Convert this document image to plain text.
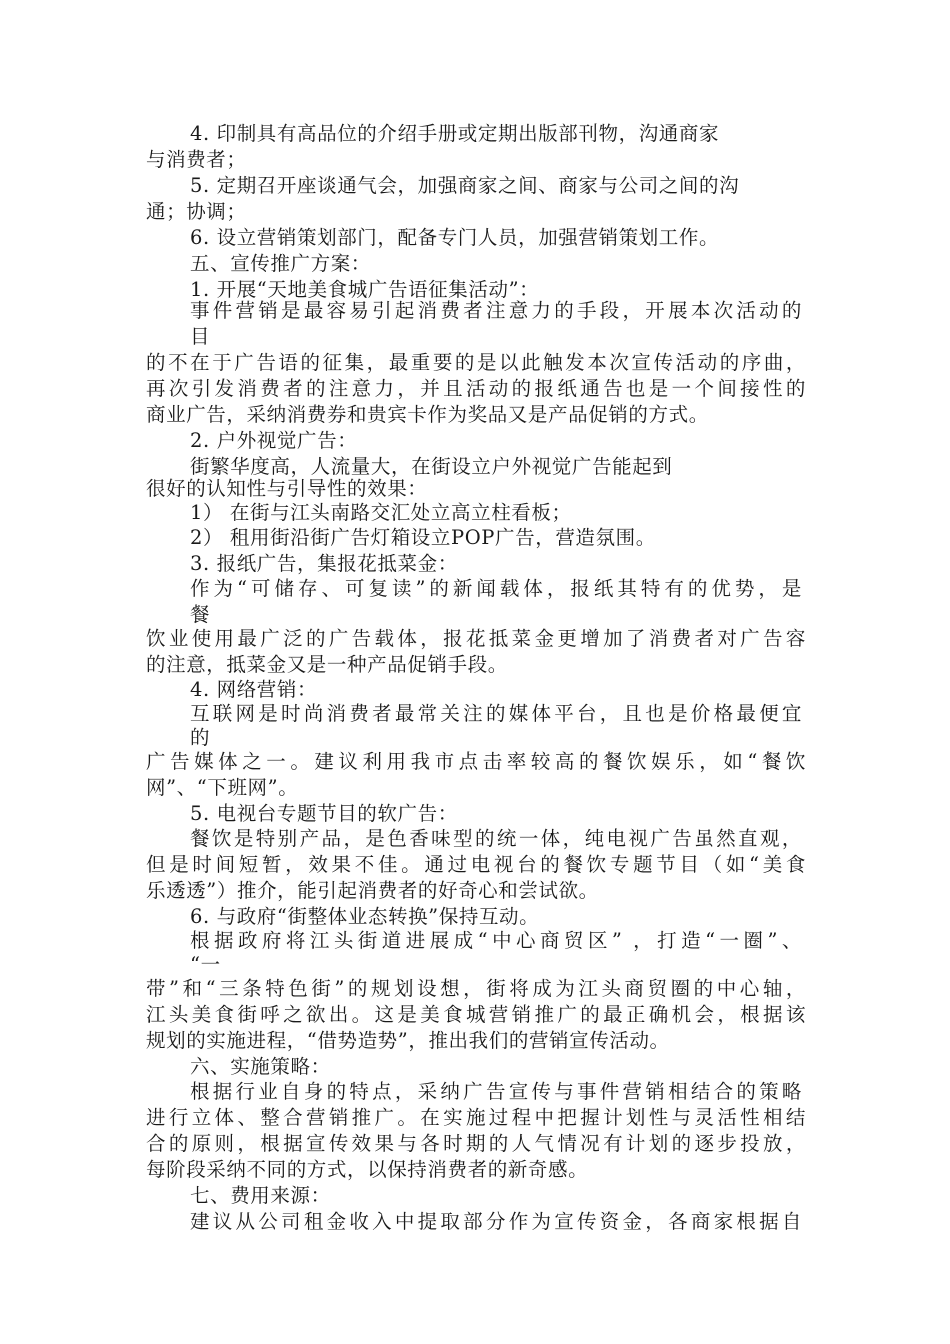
4. 印制具有高品位的介绍手册或定期出版部刊物，沟通商家
与消费者；
5. 定期召开座谈通气会，加强商家之间、商家与公司之间的沟
通；协调；
6. 设立营销策划部门，配备专门人员，加强营销策划工作。
五、宣传推广方案：
1. 开展“天地美食城广告语征集活动”：
事件营销是最容易引起消费者注意力的手段，开展本次活动的
目
的不在于广告语的征集，最重要的是以此触发本次宣传活动的序曲，
再次引发消费者的注意力，并且活动的报纸通告也是一个间接性的
商业广告，采纳消费券和贵宾卡作为奖品又是产品促销的方式。
2. 户外视觉广告：
街繁华度高，人流量大，在街设立户外视觉广告能起到
很好的认知性与引导性的效果：
1） 在街与江头南路交汇处立高立柱看板；
2） 租用街沿街广告灯箱设立POP广告，营造氛围。
3. 报纸广告，集报花抵菜金：
作为“可储存、可复读”的新闻载体，报纸其特有的优势，是
餐
饮业使用最广泛的广告载体，报花抵菜金更增加了消费者对广告容
的注意，抵菜金又是一种产品促销手段。
4. 网络营销：
互联网是时尚消费者最常关注的媒体平台，且也是价格最便宜
的
广告媒体之一。建议利用我市点击率较高的餐饮娱乐，如“餐饮
网”、“下班网”。
5. 电视台专题节目的软广告：
餐饮是特别产品，是色香味型的统一体，纯电视广告虽然直观，
但是时间短暂，效果不佳。通过电视台的餐饮专题节目（如“美食
乐透透”）推介，能引起消费者的好奇心和尝试欲。
6. 与政府“街整体业态转换”保持互动。
根据政府将江头街道进展成“中心商贸区” ，打造“一圈”、
“一
带”和“三条特色街”的规划设想，街将成为江头商贸圈的中心轴，
江头美食街呼之欲出。这是美食城营销推广的最正确机会，根据该
规划的实施进程，“借势造势”，推出我们的营销宣传活动。
六、实施策略：
根据行业自身的特点，采纳广告宣传与事件营销相结合的策略
进行立体、整合营销推广。在实施过程中把握计划性与灵活性相结
合的原则，根据宣传效果与各时期的人气情况有计划的逐步投放，
每阶段采纳不同的方式，以保持消费者的新奇感。
七、费用来源：
建议从公司租金收入中提取部分作为宣传资金，各商家根据自
